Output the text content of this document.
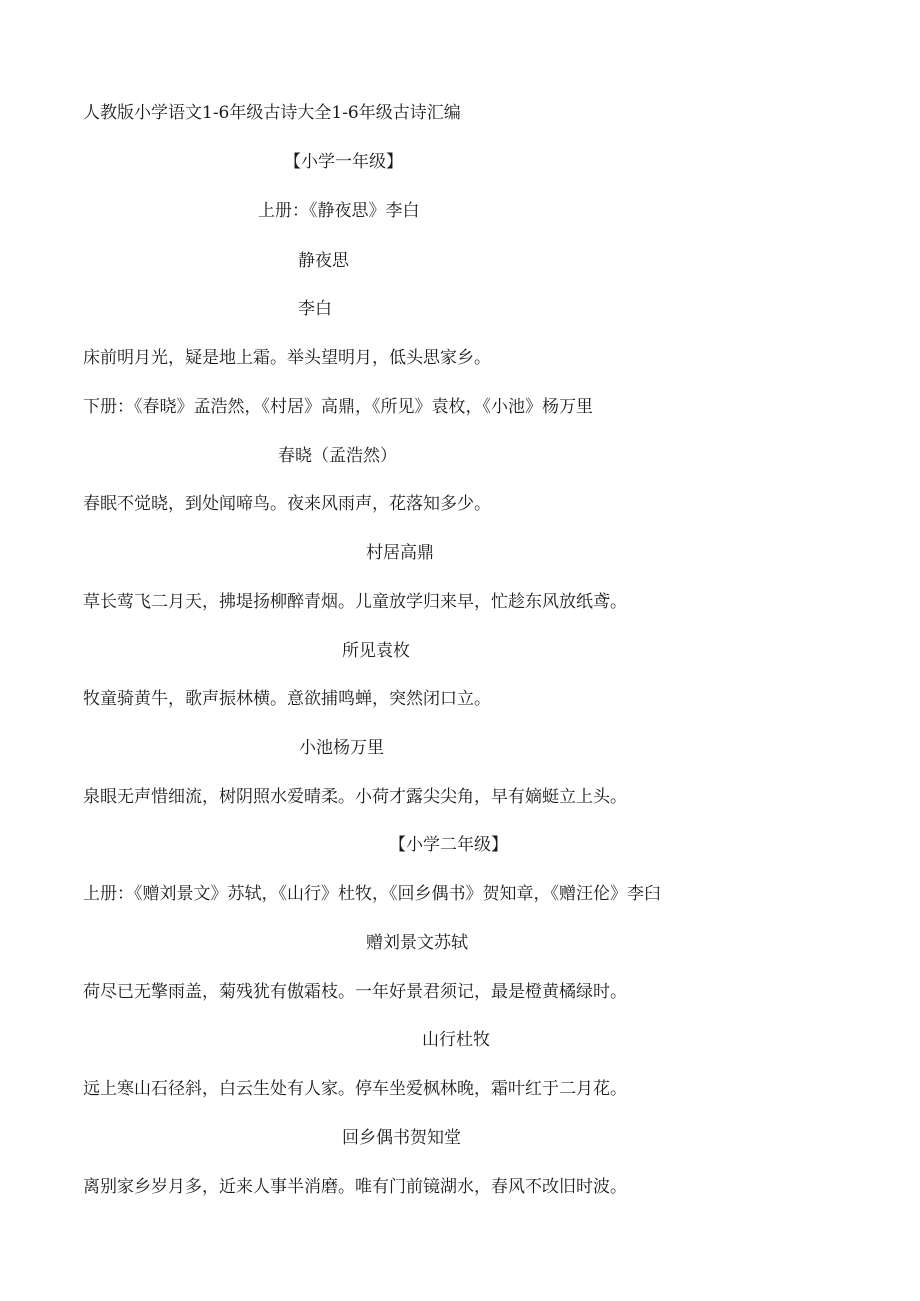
人教版小学语文1-6年级古诗大全1-6年级古诗汇编
【小学一年级】
上册：《静夜思》李白
静夜思
李白
床前明月光，疑是地上霜。举头望明月，低头思家乡。
下册：《春晓》孟浩然，《村居》高鼎，《所见》袁枚，《小池》杨万里
春晓（孟浩然）
春眠不觉晓，到处闻啼鸟。夜来风雨声，花落知多少。
村居高鼎
草长莺飞二月天，拂堤扬柳醉青烟。儿童放学归来早，忙趁东风放纸鸢。
所见袁枚
牧童骑黄牛，歌声振林横。意欲捕鸣蝉，突然闭口立。
小池杨万里
泉眼无声惜细流，树阴照水爱晴柔。小荷才露尖尖角，早有嫡蜓立上头。
【小学二年级】
上册：《赠刘景文》苏轼，《山行》杜牧，《回乡偶书》贺知章，《赠汪伦》李臼
赠刘景文苏轼
荷尽已无擎雨盖，菊残犹有傲霜枝。一年好景君须记，最是橙黄橘绿时。
山行杜牧
远上寒山石径斜，白云生处有人家。停车坐爱枫林晚，霜叶红于二月花。
回乡偶书贺知堂
离别家乡岁月多，近来人事半消磨。唯有门前镜湖水，春风不改旧时波。
